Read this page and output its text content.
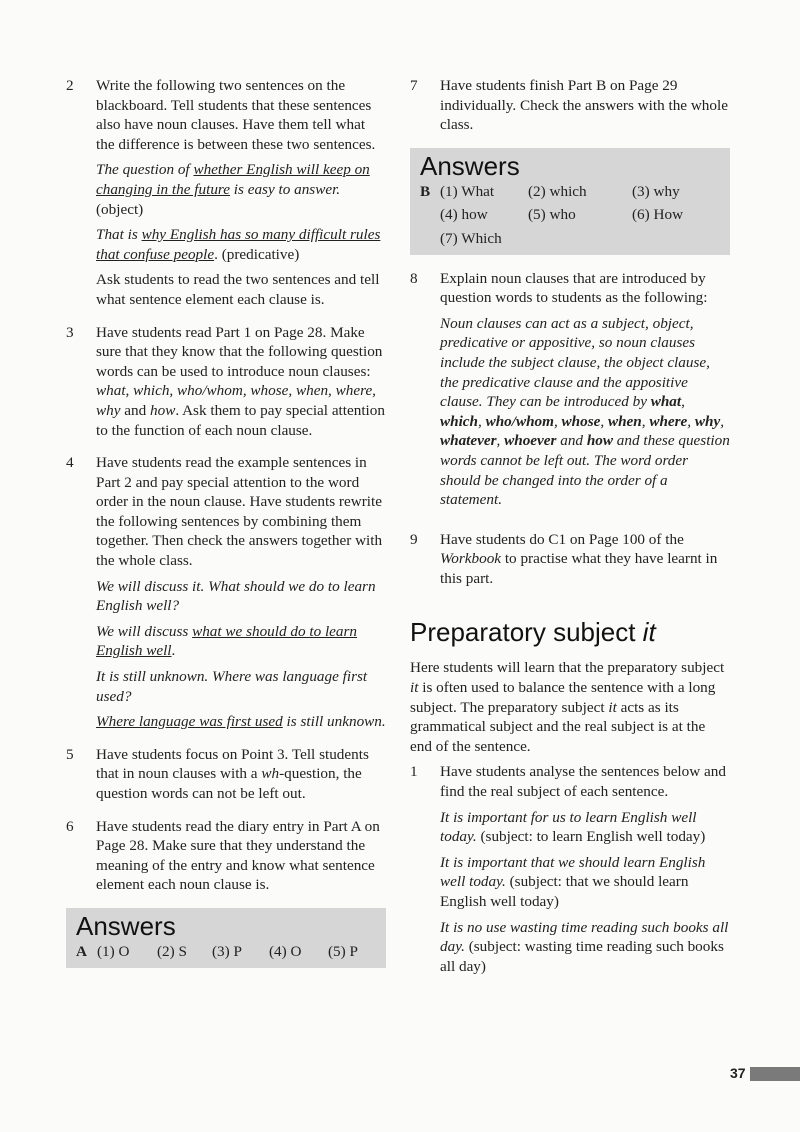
2	Write the following two sentences on the blackboard. Tell students that these sentences also have noun clauses. Have them tell what the difference is between these two sentences.

The question of whether English will keep on changing in the future is easy to answer. (object)

That is why English has so many difficult rules that confuse people. (predicative)

Ask students to read the two sentences and tell what sentence element each clause is.

3	Have students read Part 1 on Page 28. Make sure that they know that the following question words can be used to introduce noun clauses: what, which, who/whom, whose, when, where, why and how. Ask them to pay special attention to the function of each noun clause.

4	Have students read the example sentences in Part 2 and pay special attention to the word order in the noun clause. Have students rewrite the following sentences by combining them together. Then check the answers together with the whole class.

We will discuss it. What should we do to learn English well?

We will discuss what we should do to learn English well.

It is still unknown. Where was language first used?

Where language was first used is still unknown.

5	Have students focus on Point 3. Tell students that in noun clauses with a wh-question, the question words can not be left out.

6	Have students read the diary entry in Part A on Page 28. Make sure that they understand the meaning of the entry and know what sentence element each noun clause is.

Answers
A (1) O	(2) S	(3) P	(4) O	(5) P
7	Have students finish Part B on Page 29 individually. Check the answers with the whole class.

Answers
B (1) What	(2) which	(3) why
(4) how	(5) who	(6) How
(7) Which
8	Explain noun clauses that are introduced by question words to students as the following:

Noun clauses can act as a subject, object, predicative or appositive, so noun clauses include the subject clause, the object clause, the predicative clause and the appositive clause. They can be introduced by what, which, who/whom, whose, when, where, why, whatever, whoever and how and these question words cannot be left out. The word order should be changed into the order of a statement.

9	Have students do C1 on Page 100 of the Workbook to practise what they have learnt in this part.

Preparatory subject it

Here students will learn that the preparatory subject it is often used to balance the sentence with a long subject. The preparatory subject it acts as its grammatical subject and the real subject is at the end of the sentence.

1	Have students analyse the sentences below and find the real subject of each sentence.

It is important for us to learn English well today. (subject: to learn English well today)

It is important that we should learn English well today. (subject: that we should learn English well today)

It is no use wasting time reading such books all day. (subject: wasting time reading such books all day)

37
